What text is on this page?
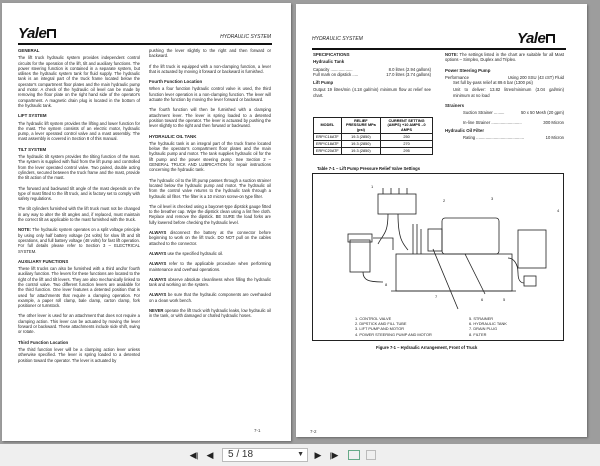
Yale	HYDRAULIC SYSTEM
GENERAL

The lift truck hydraulic system provides independent control circuits for the operation of the lift, tilt and auxiliary functions. The power steering function is contained in a separate system, but utilises the hydraulic system tank for fluid supply. The hydraulic tank is an integral part of the truck frame located below the operator's compartment floor plates and the main hydraulic pump and motor. A check of the hydraulic oil level can be made by removing the floor plate on the right hand side of the operator's compartment. A magnetic drain plug is located in the bottom of the hydraulic tank.

LIFT SYSTEM

The hydraulic lift system provides the lifting and lower function for the mast. The system consists of an electric motor, hydraulic pump, a lever operated control valve and a mast assembly. The mast assembly is covered in Section 8 of this manual.

TILT SYSTEM

The hydraulic tilt system provides the tilting function of the mast. The system is supplied with fluid from the lift pump and controlled from the lever operated control valve. Two paired, double acting cylinders, secured between the truck frame and the mast, provide the tilt action of the mast.

The forward and backward tilt angle of the mast depends on the type of mast fitted to the lift truck, and is factory set to comply with safety regulations.

The tilt cylinders furnished with the lift truck must not be changed in any way to alter the tilt angles and, if replaced, must maintain the correct tilt as applicable to the mast furnished with the truck.

NOTE: The hydraulic system operates on a split voltage principle by using only half battery voltage (24 volts) for slow lift and tilt operations, and full battery voltage (48 volts) for fast lift operation. For full details please refer to Section 3 – ELECTRICAL SYSTEM.

AUXILIARY FUNCTIONS

These lift trucks can also be furnished with a third and/or fourth auxiliary function. The levers for these functions are located to the right of the lift and tilt levers. They are also mechanically linked to the control valve. Two different function levers are available for the third function. One lever features a detented position that is used for attachments that require a clamping operation. For example, a paper roll clamp, bale clamp, carton clamp, fork positioner or turnstock.

The other lever is used for an attachment that does not require a clamping action. This lever can be actuated by moving the lever forward or backward. These attachments include side shift, swing or rotate.

Third Function Location

The third function lever will be a clamping action lever unless otherwise specified. The lever is spring loaded to a detented position toward the operator. The lever is actuated by

pushing the lever slightly to the right and then forward or backward.

If the lift truck is equipped with a non-clamping function, a lever that is actuated by moving it forward or backward is furnished.

Fourth Function Location

When a four function hydraulic control valve is used, the third function lever operation is a non-clamping function. The lever will actuate the function by moving the lever forward or backward.

The fourth function will then be furnished with a clamping attachment lever. The lever is spring loaded to a detented position toward the operator. The lever is actuated by pushing the lever slightly to the right and then forward or backward.

HYDRAULIC OIL TANK

The hydraulic tank is an integral part of the truck frame located below the operator's compartment floor plates and the main hydraulic pump and motor. The tank supplies hydraulic oil for the lift pump and the power steering pump. See Section 2 – GENERAL TRUCK AND LUBRICATION for repair instructions concerning the hydraulic tank.

The hydraulic oil to the lift pump passes through a suction strainer located below the hydraulic pump and motor. The hydraulic oil from the control valve returns to the hydraulic tank through a hydraulic oil filter. The filter is a 10 micron screw-on type filter.

The oil level is checked using a bayonet-type dipstick gauge fitted to the breather cap. Wipe the dipstick clean using a lint free cloth. Replace and remove the dipstick. BE SURE the load forks are fully lowered before checking the hydraulic level.

ALWAYS disconnect the battery at the connector before beginning to work on the lift truck. DO NOT pull on the cables attached to the connector.

ALWAYS use the specified hydraulic oil.

ALWAYS refer to the applicable procedure when performing maintenance and overhaul operations.

ALWAYS observe absolute cleanliness when filling the hydraulic tank and working on the system.

ALWAYS be sure that the hydraulic components are overhauled on a clean work bench.

NEVER operate the lift truck with hydraulic leaks, low hydraulic oil in the tank, or with damaged or chafed hydraulic hoses.

7-1
HYDRAULIC SYSTEM	Yale
SPECIFICATIONS
Hydraulic Tank
Capacity ...................	8.0 litres (2.94 gallons)
Full mark on dipstick .....	17.0 litres (3.74 gallons)
Lift Pump

Output 19 litres/min (4.18 gal/min) minimum flow at relief see chart.

MODEL	RELIEF PRESSURE MPa (psi)	CURRENT SETTING (AMPS) +10 AMPS –0 AMPS
ERP/C16ATF	19.3 (2850)	250
ERP/C18ATF	19.3 (2850)	270
ERP/C20ATF	19.3 (2850)	295
Table 7-1 – Lift Pump Pressure Relief Valve Settings

NOTE: The settings listed in the chart are suitable for all Mast options – Simplex, Duplex and Triplex.

Power Steering Pump
Performance	Using 200 SSU (43 cST) Fluid
Set full by-pass relief at 89.6 bar (1300 psi)

Unit to deliver: 13.82 litres/minimum (3.04 gal/min) minimum at no load

Strainers
Suction Strainer .........	50 x 50 Mesh (20 gpm)
In-line Strainer ..........................	300 Micron
Hydraulic Oil Filter
Rating .........................................	10 Micron
1
2	3
4
5
6
7
8
1. CONTROL VALVE
2. DIPSTICK AND FILL TUBE
3. LIFT PUMP AND MOTOR
4. POWER STEERING PUMP AND MOTOR
5. STRAINER
6. HYDRAULIC TANK
7. DRAIN PLUG
8. FILTER
Figure 7-1 – Hydraulic Arrangement, Front of Truck
7-2
◀​| ◀	5 / 18	▼ ▶ |▶
